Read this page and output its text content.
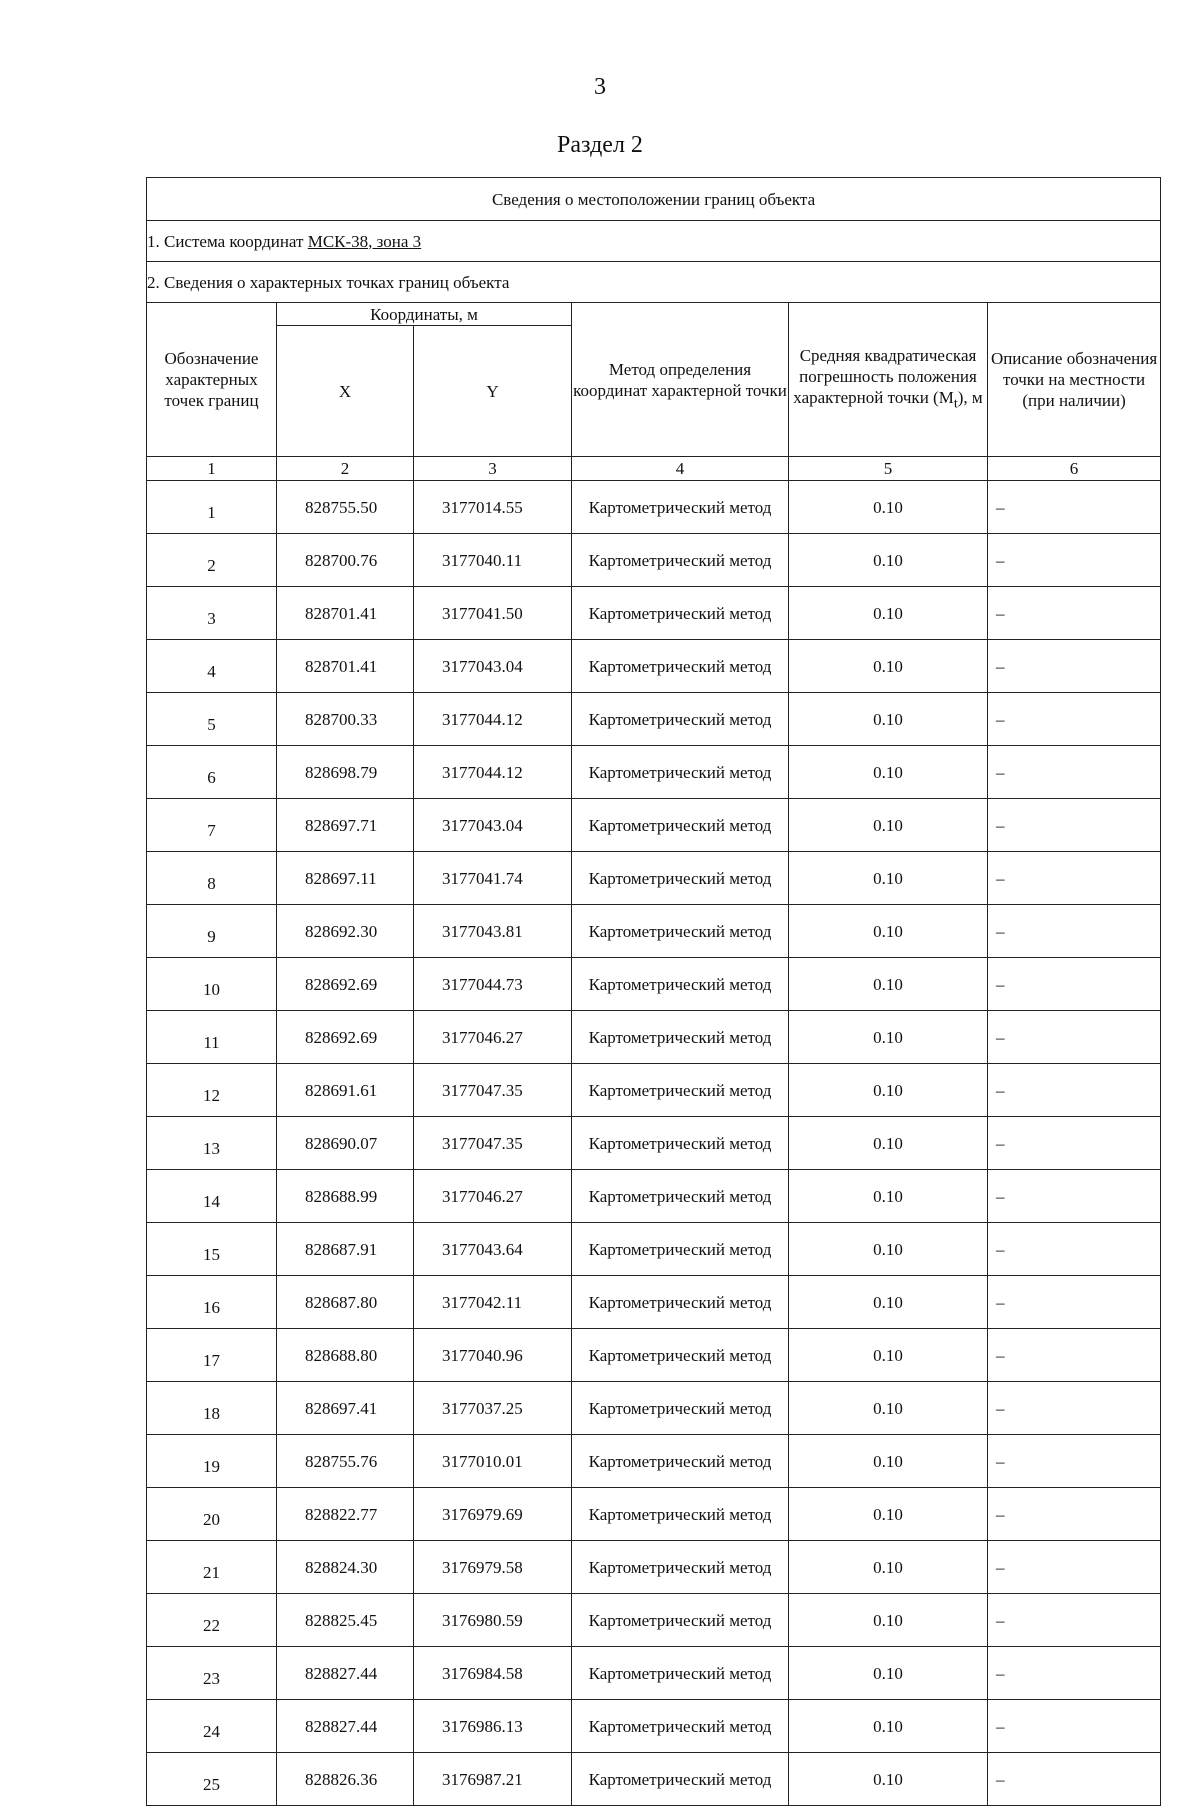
3
Раздел 2
Сведения о местоположении границ объекта					
1. Система координат МСК-38, зона 3					
2. Сведения о характерных точках границ объекта					
Обозначение характерных точек границ	Координаты, м		Метод определения координат характерной точки	Средняя квадратическая погрешность положения характерной точки $(M_t)$, м	Описание обозначения точки на местности (при наличии)
	X	Y			
1	2	3	4	5	6
1	828755.50	3177014.55	Картометрический метод	0.10	–
2	828700.76	3177040.11	Картометрический метод	0.10	–
3	828701.41	3177041.50	Картометрический метод	0.10	–
4	828701.41	3177043.04	Картометрический метод	0.10	–
5	828700.33	3177044.12	Картометрический метод	0.10	–
6	828698.79	3177044.12	Картометрический метод	0.10	–
7	828697.71	3177043.04	Картометрический метод	0.10	–
8	828697.11	3177041.74	Картометрический метод	0.10	–
9	828692.30	3177043.81	Картометрический метод	0.10	–
10	828692.69	3177044.73	Картометрический метод	0.10	–
11	828692.69	3177046.27	Картометрический метод	0.10	–
12	828691.61	3177047.35	Картометрический метод	0.10	–
13	828690.07	3177047.35	Картометрический метод	0.10	–
14	828688.99	3177046.27	Картометрический метод	0.10	–
15	828687.91	3177043.64	Картометрический метод	0.10	–
16	828687.80	3177042.11	Картометрический метод	0.10	–
17	828688.80	3177040.96	Картометрический метод	0.10	–
18	828697.41	3177037.25	Картометрический метод	0.10	–
19	828755.76	3177010.01	Картометрический метод	0.10	–
20	828822.77	3176979.69	Картометрический метод	0.10	–
21	828824.30	3176979.58	Картометрический метод	0.10	–
22	828825.45	3176980.59	Картометрический метод	0.10	–
23	828827.44	3176984.58	Картометрический метод	0.10	–
24	828827.44	3176986.13	Картометрический метод	0.10	–
25	828826.36	3176987.21	Картометрический метод	0.10	–
